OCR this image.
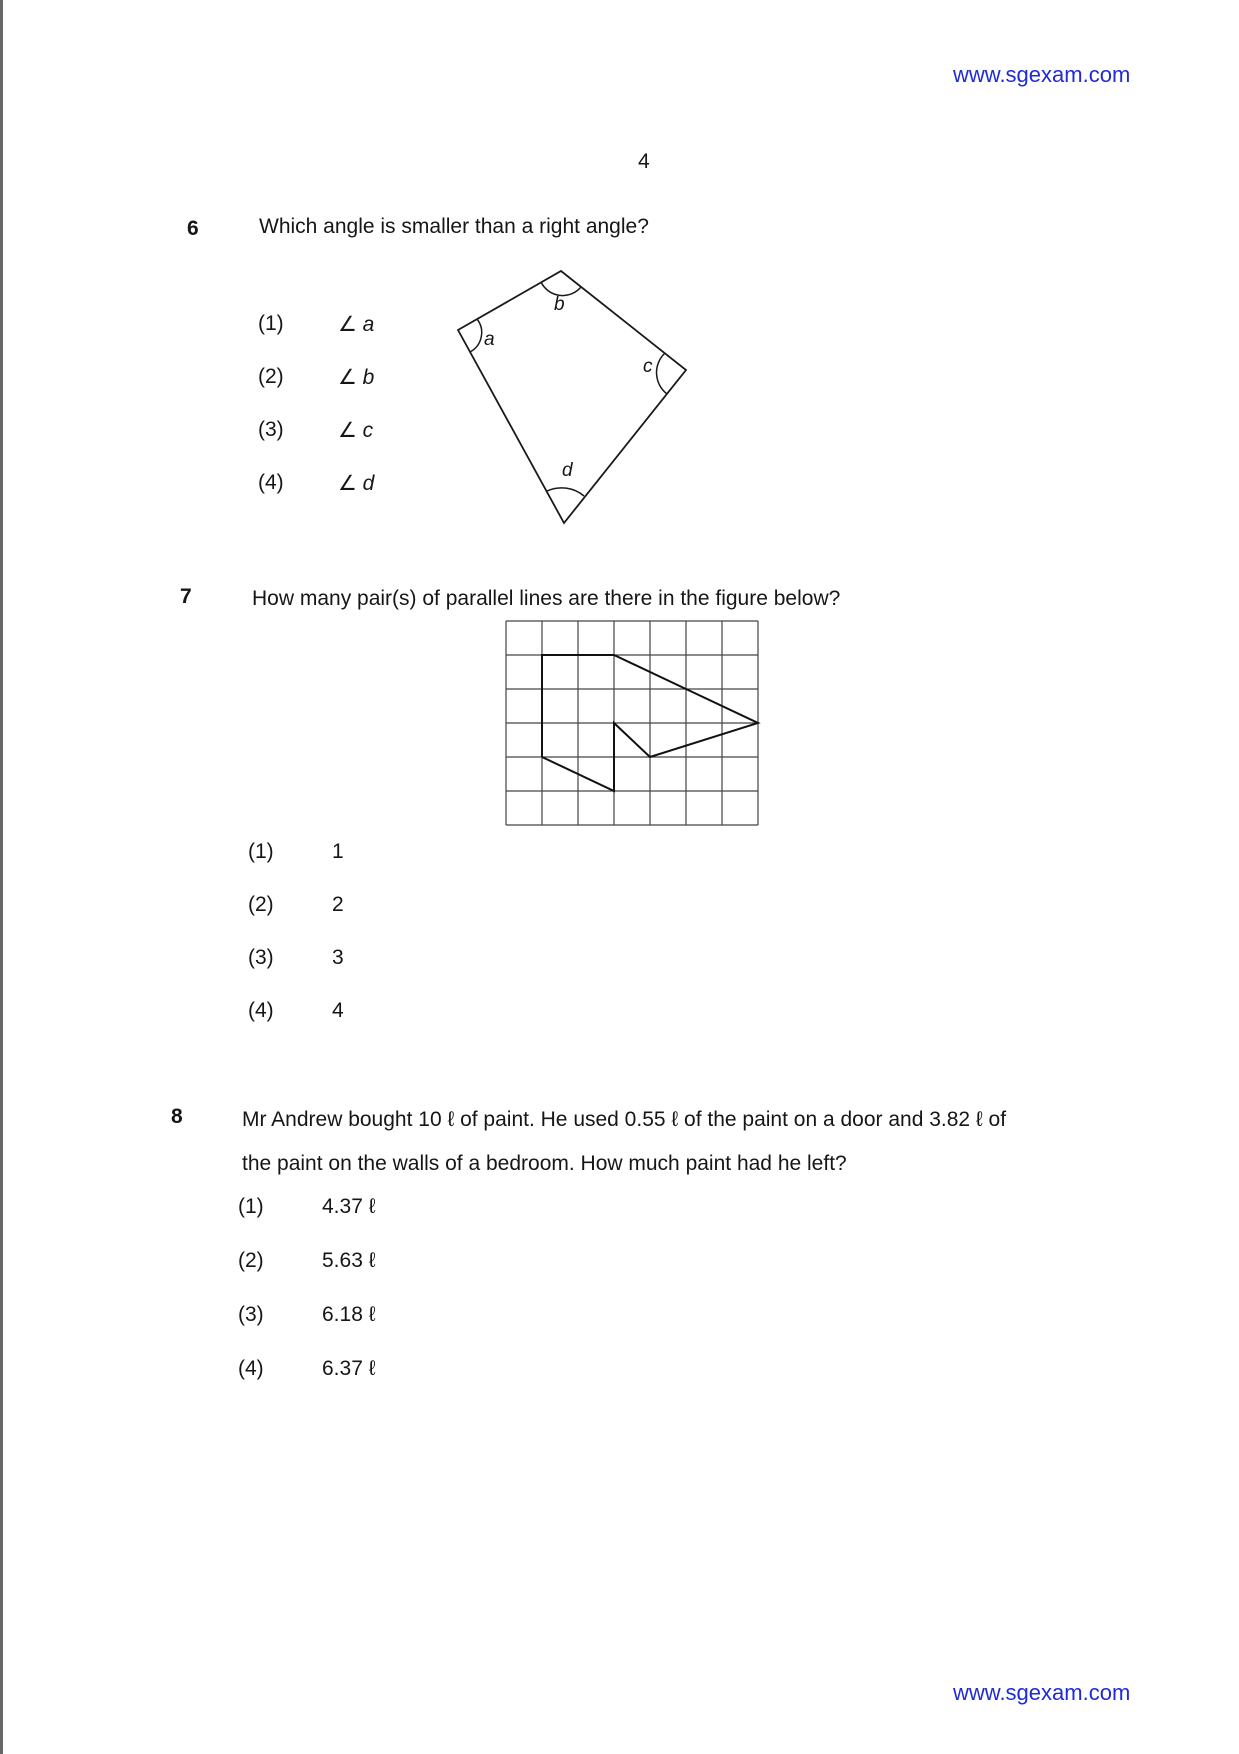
www.sgexam.com
4
6	Which angle is smaller than a right angle?
(1)	∠ a
(2)	∠ b
(3)	∠ c
(4)	∠ d
a
b
c
d
7	How many pair(s) of parallel lines are there in the figure below?
(1)	1
(2)	2
(3)	3
(4)	4
8	Mr Andrew bought 10 ℓ of paint. He used 0.55 ℓ of the paint on a door and 3.82 ℓ of
the paint on the walls of a bedroom. How much paint had he left?
(1)	4.37 ℓ
(2)	5.63 ℓ
(3)	6.18 ℓ
(4)	6.37 ℓ
www.sgexam.com
